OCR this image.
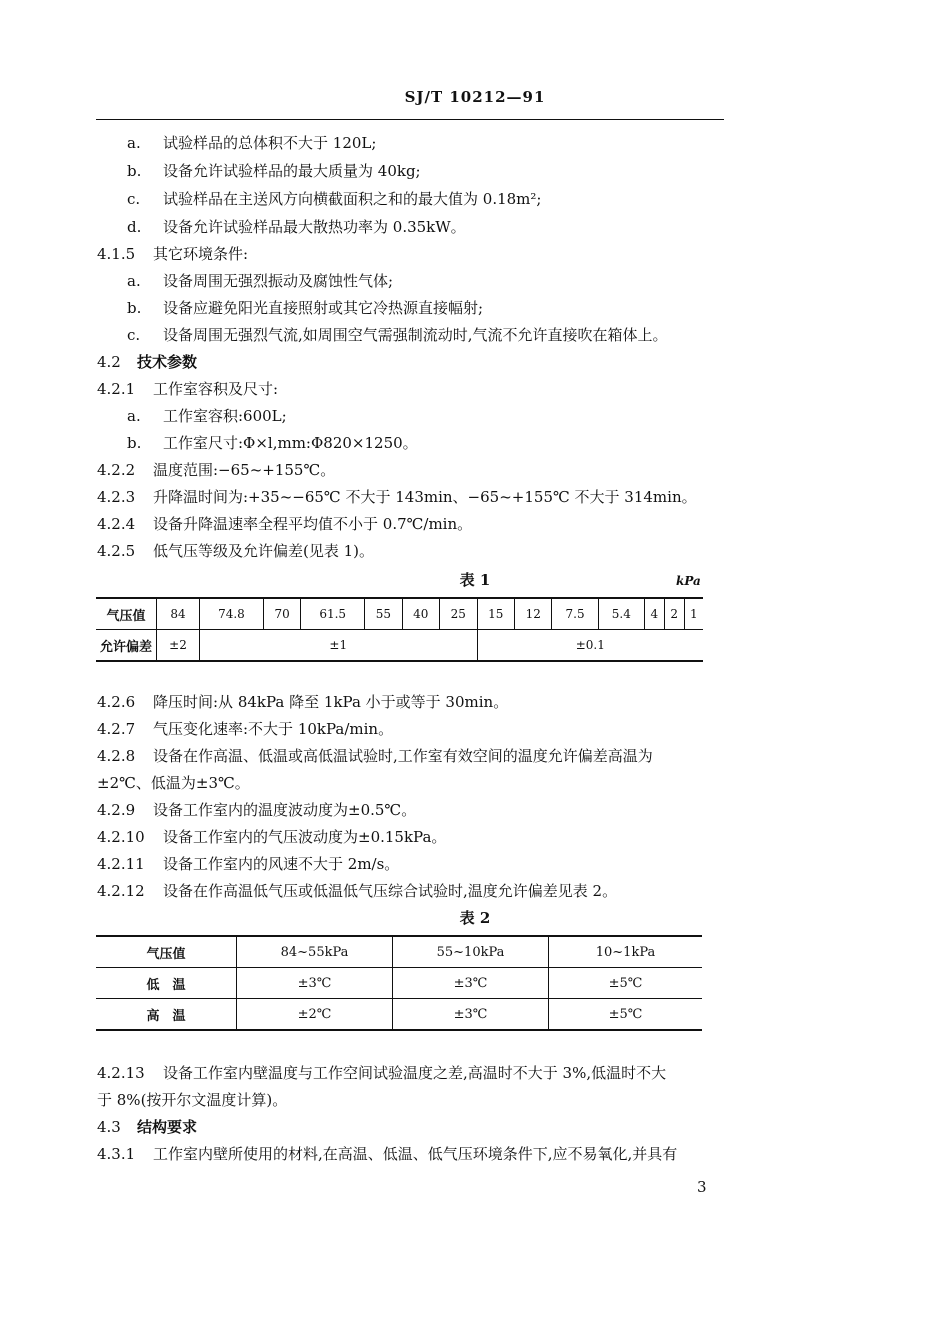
SJ/T 10212—91
a. 试验样品的总体积不大于 120L;
b. 设备允许试验样品的最大质量为 40kg;
c. 试验样品在主送风方向横截面积之和的最大值为 0.18m²;
d. 设备允许试验样品最大散热功率为 0.35kW。
4.1.5 其它环境条件:
a. 设备周围无强烈振动及腐蚀性气体;
b. 设备应避免阳光直接照射或其它冷热源直接幅射;
c. 设备周围无强烈气流,如周围空气需强制流动时,气流不允许直接吹在箱体上。
4.2 技术参数
4.2.1 工作室容积及尺寸:
a. 工作室容积:600L;
b. 工作室尺寸:Φ×l,mm:Φ820×1250。
4.2.2 温度范围:−65~+155℃。
4.2.3 升降温时间为:+35~−65℃ 不大于 143min、−65~+155℃ 不大于 314min。
4.2.4 设备升降温速率全程平均值不小于 0.7℃/min。
4.2.5 低气压等级及允许偏差(见表 1)。
表 1	kPa
气压值	84	74.8	70	61.5	55	40	25	15	12	7.5	5.4	4	2	1
允许偏差	±2	±1						±0.1						
4.2.6 降压时间:从 84kPa 降至 1kPa 小于或等于 30min。
4.2.7 气压变化速率:不大于 10kPa/min。
4.2.8 设备在作高温、低温或高低温试验时,工作室有效空间的温度允许偏差高温为
±2℃、低温为±3℃。
4.2.9 设备工作室内的温度波动度为±0.5℃。
4.2.10 设备工作室内的气压波动度为±0.15kPa。
4.2.11 设备工作室内的风速不大于 2m/s。
4.2.12 设备在作高温低气压或低温低气压综合试验时,温度允许偏差见表 2。
表 2
气压值	84~55kPa	55~10kPa	10~1kPa
低　温	±3℃	±3℃	±5℃
高　温	±2℃	±3℃	±5℃
4.2.13 设备工作室内壁温度与工作空间试验温度之差,高温时不大于 3%,低温时不大
于 8%(按开尔文温度计算)。
4.3 结构要求
4.3.1 工作室内壁所使用的材料,在高温、低温、低气压环境条件下,应不易氧化,并具有
3
